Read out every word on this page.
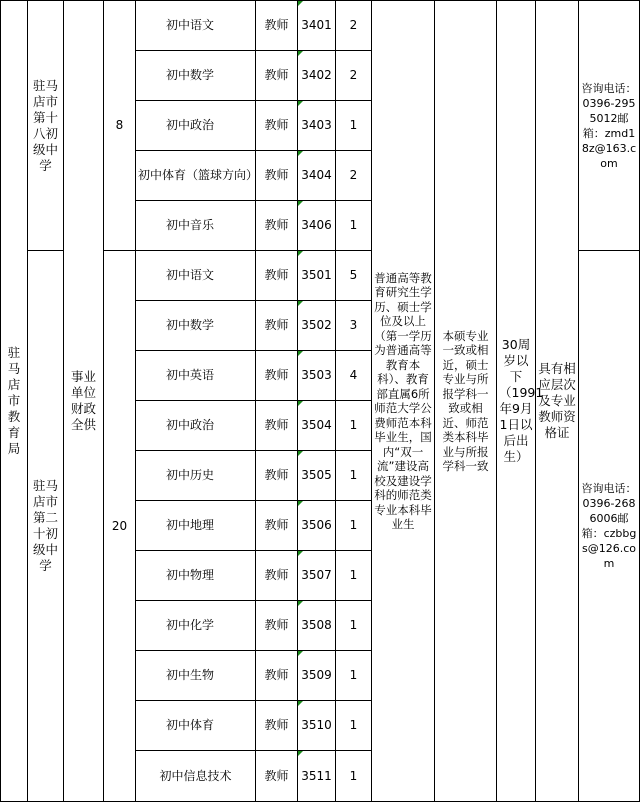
驻马店市教育局	驻马店市第十八初级中学	事业单位财政全供	8	初中语文	教师	3401	2	普通高等教育研究生学历、硕士学位及以上（第一学历为普通高等教育本科）、教育部直属6所师范大学公费师范本科毕业生，国内“双一流”建设高校及建设学科的师范类专业本科毕业生	本硕专业一致或相近，硕士专业与所报学科一致或相近、师范类本科毕业与所报学科一致	30周岁以下（1991年9月1日以后出生）	具有相应层次及专业教师资格证	咨询电话：0396-2955012邮箱：zmd18z@163.com
				初中数学	教师	3402	2					
				初中政治	教师	3403	1					
				初中体育（篮球方向）	教师	3404	2					
				初中音乐	教师	3406	1					
	驻马店市第二十初级中学		20	初中语文	教师	3501	5					咨询电话：0396-2686006邮箱：czbbgs@126.com
				初中数学	教师	3502	3					
				初中英语	教师	3503	4					
				初中政治	教师	3504	1					
				初中历史	教师	3505	1					
				初中地理	教师	3506	1					
				初中物理	教师	3507	1					
				初中化学	教师	3508	1					
				初中生物	教师	3509	1					
				初中体育	教师	3510	1					
				初中信息技术	教师	3511	1					
